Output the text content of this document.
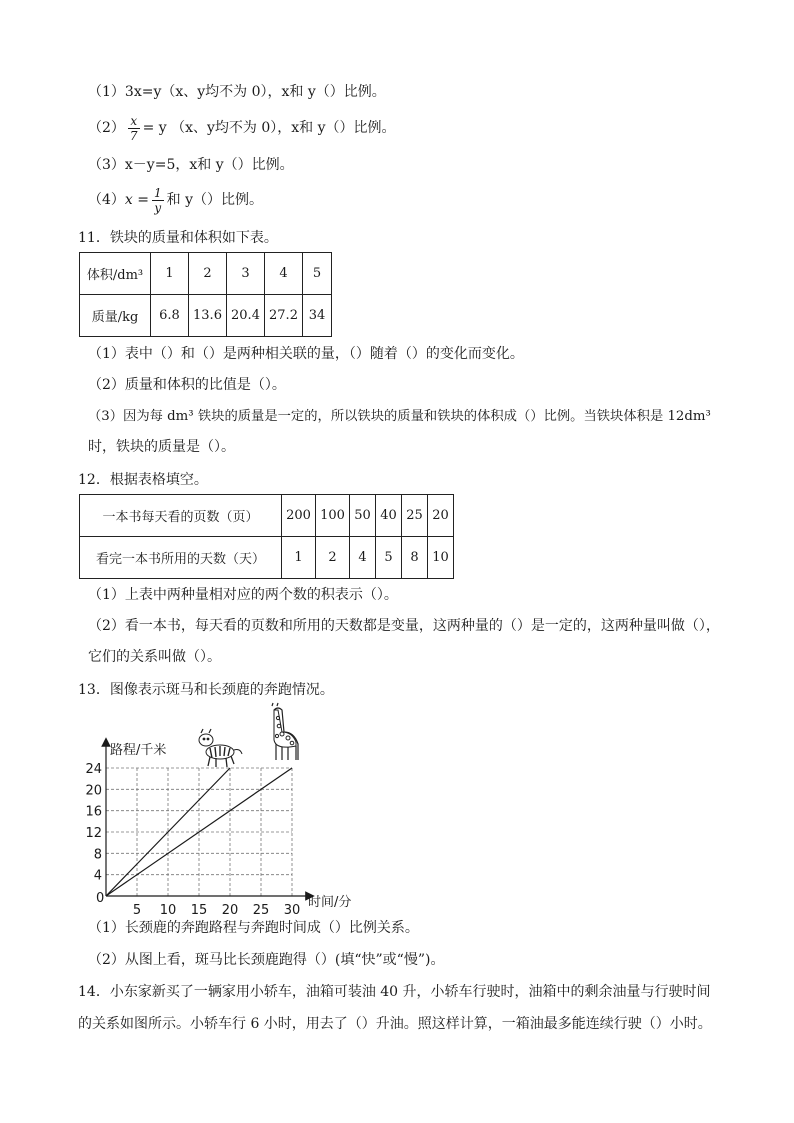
（1）3x=y（x、y均不为 0），x和 y（）比例。
$(2) \frac{x}{7} = y$ （x、y均不为 0），x和 y（）比例。
（3）x－y=5，x和 y（）比例。
$(4)x = \frac{1}{y}$ 和 y（）比例。
11．铁块的质量和体积如下表。
体积/dm³	1	2	3	4	5
质量/kg	6.8	13.6	20.4	27.2	34
（1）表中（）和（）是两种相关联的量，（）随着（）的变化而变化。
（2）质量和体积的比值是（）。
（3）因为每 dm³ 铁块的质量是一定的，所以铁块的质量和铁块的体积成（）比例。当铁块体积是 12dm³
时，铁块的质量是（）。
12．根据表格填空。
一本书每天看的页数（页）	200	100	50	40	25	20
看完一本书所用的天数（天）	1	2	4	5	8	10
（1）上表中两种量相对应的两个数的积表示（）。
（2）看一本书，每天看的页数和所用的天数都是变量，这两种量的（）是一定的，这两种量叫做（），
它们的关系叫做（）。
13．图像表示斑马和长颈鹿的奔跑情况。
路程/千米
时间/分
0
5 10 15 20 25 30
4
8
12
16
20
24
（1）长颈鹿的奔跑路程与奔跑时间成（）比例关系。
（2）从图上看，斑马比长颈鹿跑得（）(填“快”或“慢”)。
14．小东家新买了一辆家用小轿车，油箱可装油 40 升，小轿车行驶时，油箱中的剩余油量与行驶时间
的关系如图所示。小轿车行 6 小时，用去了（）升油。照这样计算，一箱油最多能连续行驶（）小时。
